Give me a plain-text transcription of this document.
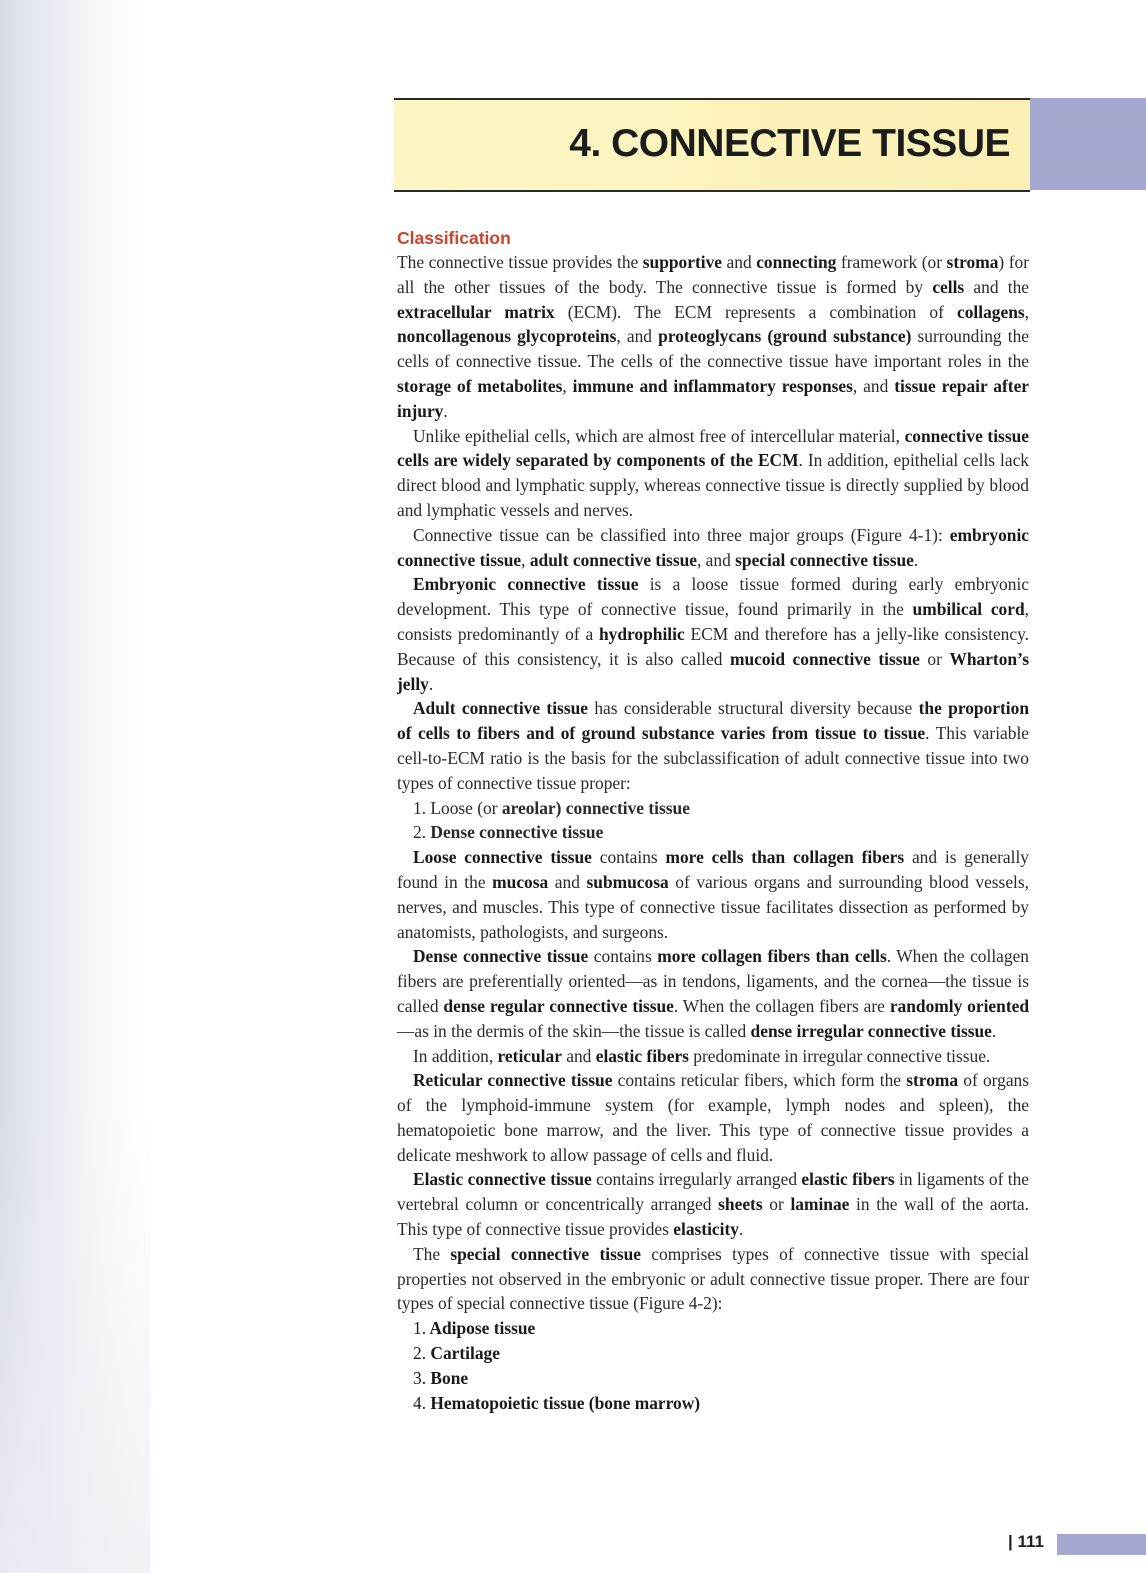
4. CONNECTIVE TISSUE
Classification

The connective tissue provides the supportive and connecting framework (or stroma) for all the other tissues of the body. The connective tissue is formed by cells and the extracellular matrix (ECM). The ECM represents a combination of collagens, noncollagenous glycoproteins, and proteoglycans (ground substance) surrounding the cells of connective tissue. The cells of the connective tissue have important roles in the storage of metabolites, immune and inflammatory responses, and tissue repair after injury.

Unlike epithelial cells, which are almost free of intercellular material, connective tissue cells are widely separated by components of the ECM. In addition, epithelial cells lack direct blood and lymphatic supply, whereas connective tissue is directly supplied by blood and lymphatic vessels and nerves.

Connective tissue can be classified into three major groups (Figure 4-1): embryonic connective tissue, adult connective tissue, and special connective tissue.

Embryonic connective tissue is a loose tissue formed during early embryonic development. This type of connective tissue, found primarily in the umbilical cord, consists predominantly of a hydrophilic ECM and therefore has a jelly-like consistency. Because of this consistency, it is also called mucoid connective tissue or Wharton’s jelly.

Adult connective tissue has considerable structural diversity because the proportion of cells to fibers and of ground substance varies from tissue to tissue. This variable cell-to-ECM ratio is the basis for the subclassification of adult connective tissue into two types of connective tissue proper:

1. Loose (or areolar) connective tissue
2. Dense connective tissue

Loose connective tissue contains more cells than collagen fibers and is generally found in the mucosa and submucosa of various organs and surrounding blood vessels, nerves, and muscles. This type of connective tissue facilitates dissection as performed by anatomists, pathologists, and surgeons.

Dense connective tissue contains more collagen fibers than cells. When the collagen fibers are preferentially oriented—as in tendons, ligaments, and the cornea—the tissue is called dense regular connective tissue. When the collagen fibers are randomly oriented—as in the dermis of the skin—the tissue is called dense irregular connective tissue.

In addition, reticular and elastic fibers predominate in irregular connective tissue.

Reticular connective tissue contains reticular fibers, which form the stroma of organs of the lymphoid-immune system (for example, lymph nodes and spleen), the hematopoietic bone marrow, and the liver. This type of connective tissue provides a delicate meshwork to allow passage of cells and fluid.

Elastic connective tissue contains irregularly arranged elastic fibers in ligaments of the vertebral column or concentrically arranged sheets or laminae in the wall of the aorta. This type of connective tissue provides elasticity.

The special connective tissue comprises types of connective tissue with special properties not observed in the embryonic or adult connective tissue proper. There are four types of special connective tissue (Figure 4-2):

1. Adipose tissue
2. Cartilage
3. Bone
4. Hematopoietic tissue (bone marrow)
| 111
